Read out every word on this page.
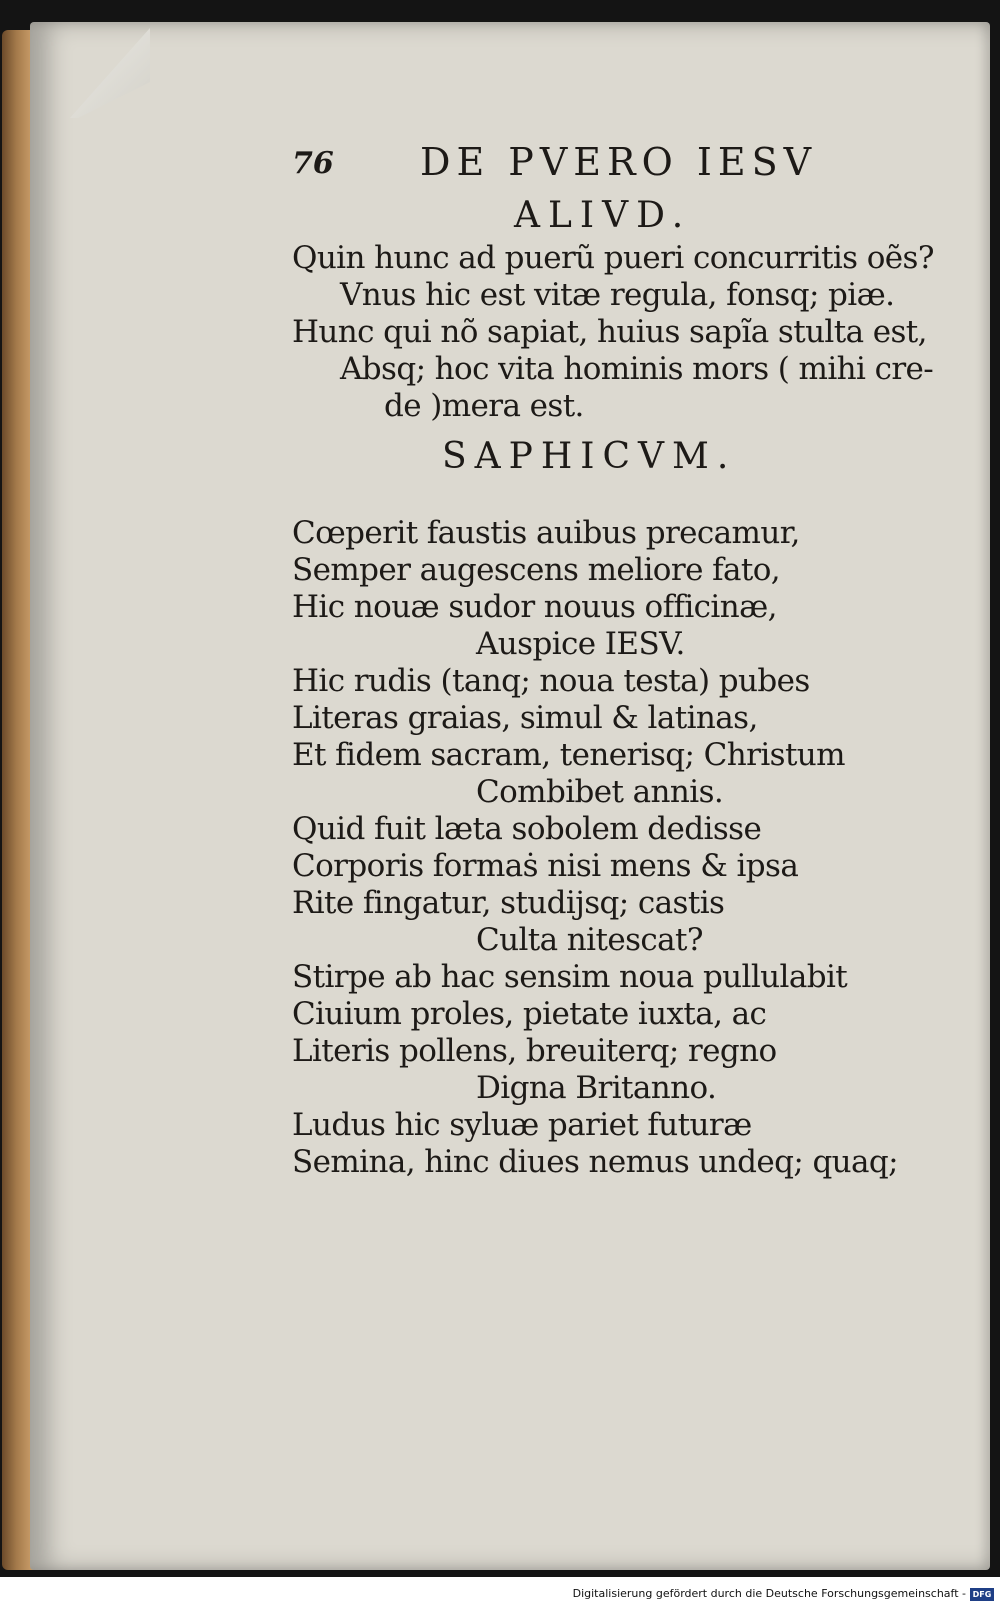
76 DE PVERO IESV
ALIVD.
Quin hunc ad puerũ pueri concurritis oẽs?
Vnus hic est vitæ regula, fonsq; piæ.
Hunc qui nõ sapiat, huius sapĩa stulta est,
Absq; hoc vita hominis mors ( mihi cre-
de )mera est.
SAPHICVM.
Cœperit faustis auibus precamur,
Semper augescens meliore fato,
Hic nouæ sudor nouus officinæ,
Auspice IESV.
Hic rudis (tanq; noua testa) pubes
Literas graias, simul & latinas,
Et fidem sacram, tenerisq; Christum
Combibet annis.
Quid fuit læta sobolem dedisse
Corporis formaṡ nisi mens & ipsa
Rite fingatur, studijsq; castis
Culta nitescat?
Stirpe ab hac sensim noua pullulabit
Ciuium proles, pietate iuxta, ac
Literis pollens, breuiterq; regno
Digna Britanno.
Ludus hic syluæ pariet futuræ
Semina, hinc diues nemus undeq; quaq;
Digitalisierung gefördert durch die Deutsche Forschungsgemeinschaft - DFG
